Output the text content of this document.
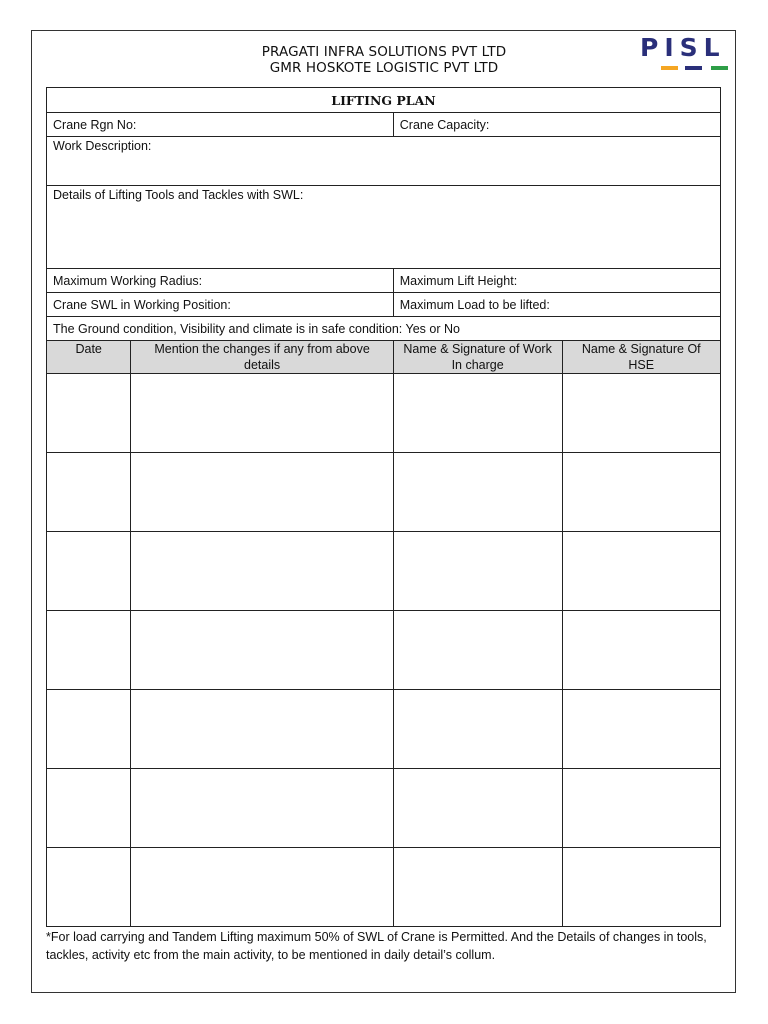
PRAGATI INFRA SOLUTIONS PVT LTD
GMR HOSKOTE LOGISTIC PVT LTD
PISL
LIFTING PLAN			
Crane Rgn No:		Crane Capacity:	
Work Description:			
Details of Lifting Tools and Tackles with SWL:			
Maximum Working Radius:		Maximum Lift Height:	
Crane SWL in Working Position:		Maximum Load to be lifted:	
The Ground condition, Visibility and climate is in safe condition: Yes or No			
Date	Mention the changes if any from above details	Name & Signature of Work In charge	Name & Signature Of HSE

*For load carrying and Tandem Lifting maximum 50% of SWL of Crane is Permitted. And the Details of changes in tools, tackles, activity etc from the main activity, to be mentioned in daily detail’s collum.
